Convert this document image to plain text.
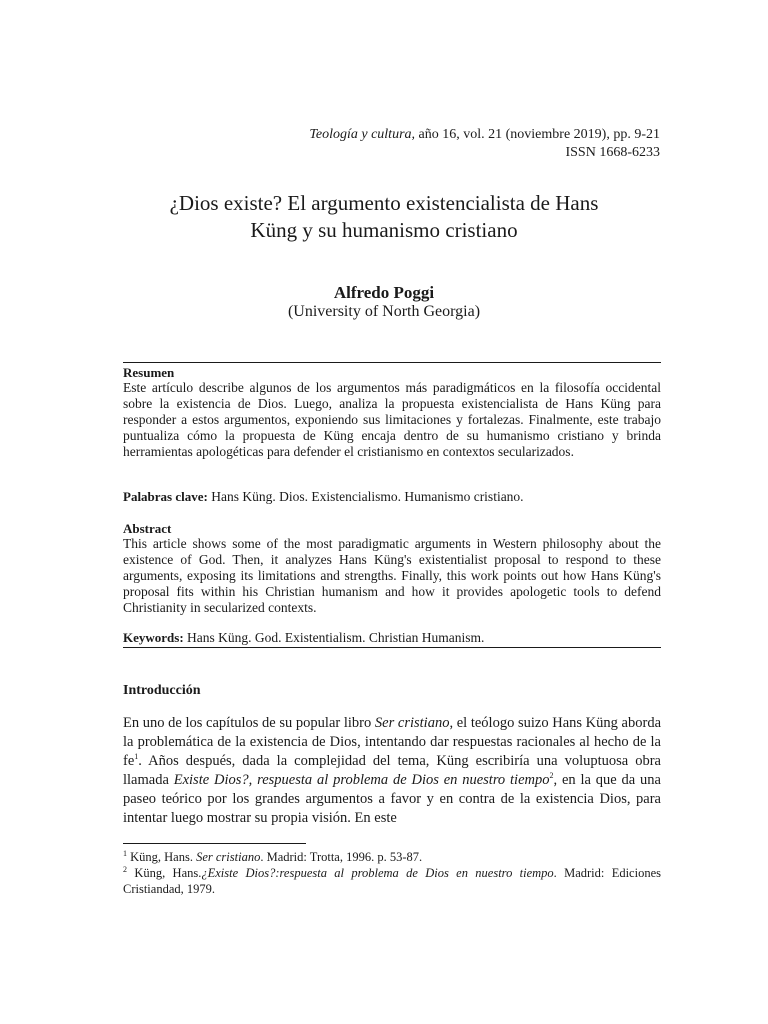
Teología y cultura, año 16, vol. 21 (noviembre 2019), pp. 9-21
ISSN 1668-6233
¿Dios existe? El argumento existencialista de Hans
Küng y su humanismo cristiano
Alfredo Poggi
(University of North Georgia)
Resumen
Este artículo describe algunos de los argumentos más paradigmáticos en la filosofía occidental sobre la existencia de Dios. Luego, analiza la propuesta existencialista de Hans Küng para responder a estos argumentos, exponiendo sus limitaciones y fortalezas. Finalmente, este trabajo puntualiza cómo la propuesta de Küng encaja dentro de su humanismo cristiano y brinda herramientas apologéticas para defender el cristianismo en contextos secularizados.
Palabras clave: Hans Küng. Dios. Existencialismo. Humanismo cristiano.
Abstract
This article shows some of the most paradigmatic arguments in Western philosophy about the existence of God. Then, it analyzes Hans Küng's existentialist proposal to respond to these arguments, exposing its limitations and strengths. Finally, this work points out how Hans Küng's proposal fits within his Christian humanism and how it provides apologetic tools to defend Christianity in secularized contexts.
Keywords: Hans Küng. God. Existentialism. Christian Humanism.
Introducción
En uno de los capítulos de su popular libro Ser cristiano, el teólogo suizo Hans Küng aborda la problemática de la existencia de Dios, intentando dar respuestas racionales al hecho de la $fe^1$. Años después, dada la complejidad del tema, Küng escribiría una voluptuosa obra llamada Existe Dios?, respuesta al problema de Dios en nuestro tiempo$^2$, en la que da una paseo teórico por los grandes argumentos a favor y en contra de la existencia Dios, para intentar luego mostrar su propia visión. En este
$^1$ Küng, Hans. Ser cristiano. Madrid: Trotta, 1996. p. 53-87.
$^2$ Küng, Hans.¿Existe Dios?:respuesta al problema de Dios en nuestro tiempo. Madrid: Ediciones Cristiandad, 1979.
